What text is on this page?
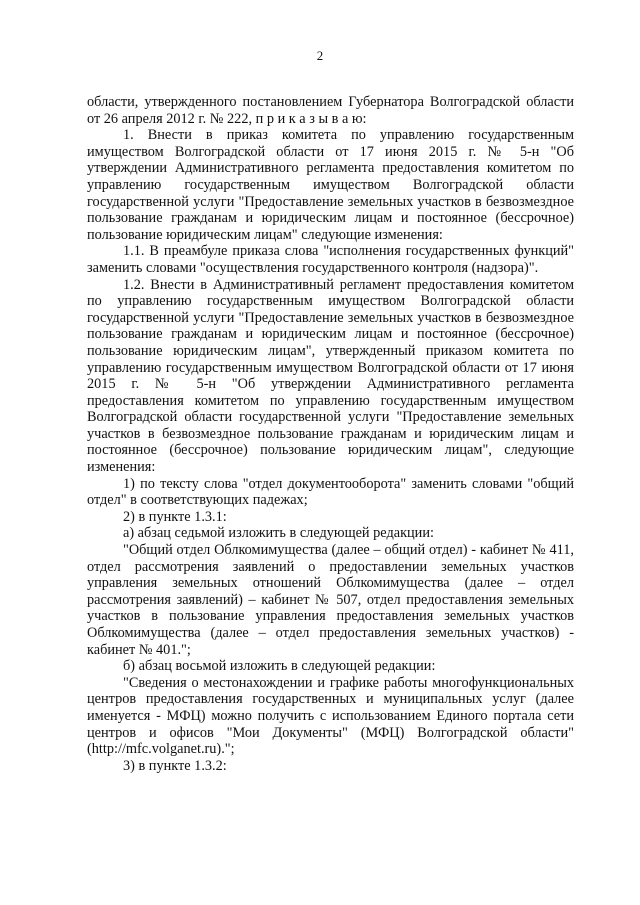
2

области, утвержденного постановлением Губернатора Волгоградской области от 26 апреля 2012 г. № 222, п р и к а з ы в а ю:

1. Внести в приказ комитета по управлению государственным имуществом Волгоградской области от 17 июня 2015 г. № 5-н "Об утверждении Административного регламента предоставления комитетом по управлению государственным имуществом Волгоградской области государственной услуги "Предоставление земельных участков в безвозмездное пользование гражданам и юридическим лицам и постоянное (бессрочное) пользование юридическим лицам" следующие изменения:

1.1. В преамбуле приказа слова "исполнения государственных функций" заменить словами "осуществления государственного контроля (надзора)".

1.2. Внести в Административный регламент предоставления комитетом по управлению государственным имуществом Волгоградской области государственной услуги "Предоставление земельных участков в безвозмездное пользование гражданам и юридическим лицам и постоянное (бессрочное) пользование юридическим лицам", утвержденный приказом комитета по управлению государственным имуществом Волгоградской области от 17 июня 2015 г. № 5-н "Об утверждении Административного регламента предоставления комитетом по управлению государственным имуществом Волгоградской области государственной услуги "Предоставление земельных участков в безвозмездное пользование гражданам и юридическим лицам и постоянное (бессрочное) пользование юридическим лицам", следующие изменения:

1) по тексту слова "отдел документооборота" заменить словами "общий отдел" в соответствующих падежах;

2) в пункте 1.3.1:

а) абзац седьмой изложить в следующей редакции:

"Общий отдел Облкомимущества (далее – общий отдел) - кабинет № 411, отдел рассмотрения заявлений о предоставлении земельных участков управления земельных отношений Облкомимущества (далее – отдел рассмотрения заявлений) – кабинет № 507, отдел предоставления земельных участков в пользование управления предоставления земельных участков Облкомимущества (далее – отдел предоставления земельных участков) - кабинет № 401.";

б) абзац восьмой изложить в следующей редакции:

"Сведения о местонахождении и графике работы многофункциональных центров предоставления государственных и муниципальных услуг (далее именуется - МФЦ) можно получить с использованием Единого портала сети центров и офисов "Мои Документы" (МФЦ) Волгоградской области" (http://mfc.volganet.ru).";

3) в пункте 1.3.2:
